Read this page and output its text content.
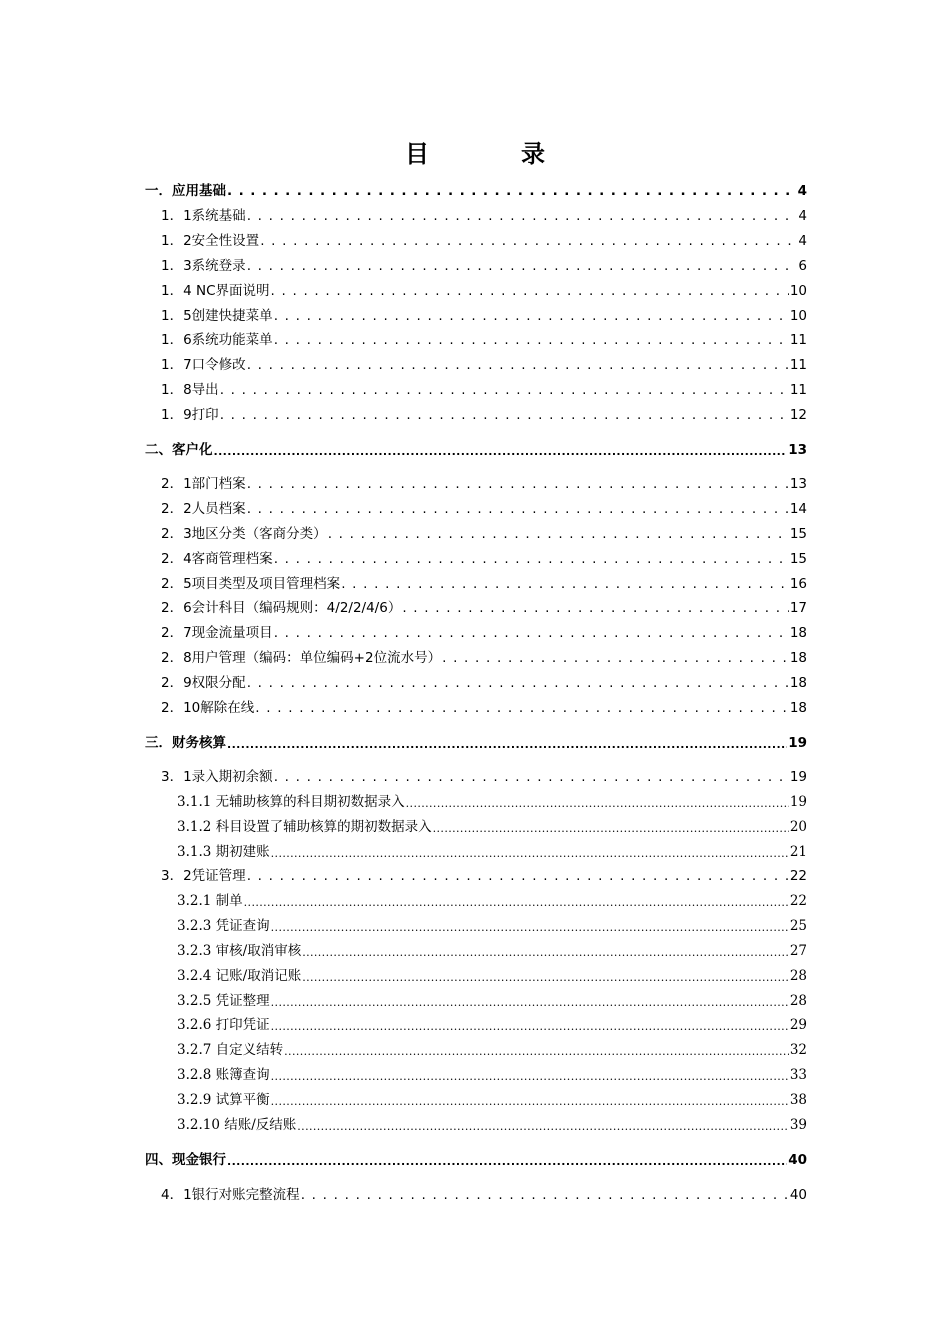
目　录
一．应用基础 . . .	4
1．1系统基础 . . .	4
1．2安全性设置 . . .	4
1．3系统登录 . . .	6
1．4 NC界面说明 . . .	10
1．5创建快捷菜单 . . .	10
1．6系统功能菜单 . . .	11
1．7口令修改 . . .	11
1．8导出 . . .	11
1．9打印 . . .	12
二、客户化 .....	13
2．1部门档案 . . .	13
2．2人员档案 . . .	14
2．3地区分类（客商分类） . . .	15
2．4客商管理档案 . . .	15
2．5项目类型及项目管理档案 . . .	16
2．6会计科目（编码规则：4/2/2/4/6） . . .	17
2．7现金流量项目 . . .	18
2．8用户管理（编码：单位编码+2位流水号） . . .	18
2．9权限分配 . . .	18
2．10解除在线 . . .	18
三．财务核算 .....	19
3．1录入期初余额 . . .	19
3.1.1 无辅助核算的科目期初数据录入 .....	19
3.1.2 科目设置了辅助核算的期初数据录入 .....	20
3.1.3 期初建账 .....	21
3．2凭证管理 . . .	22
3.2.1 制单 .....	22
3.2.3 凭证查询 .....	25
3.2.3 审核/取消审核 .....	27
3.2.4 记账/取消记账 .....	28
3.2.5 凭证整理 .....	28
3.2.6 打印凭证 .....	29
3.2.7 自定义结转 .....	32
3.2.8 账簿查询 .....	33
3.2.9 试算平衡 .....	38
3.2.10 结账/反结账 .....	39
四、现金银行 .....	40
4．1银行对账完整流程 . . .	40
